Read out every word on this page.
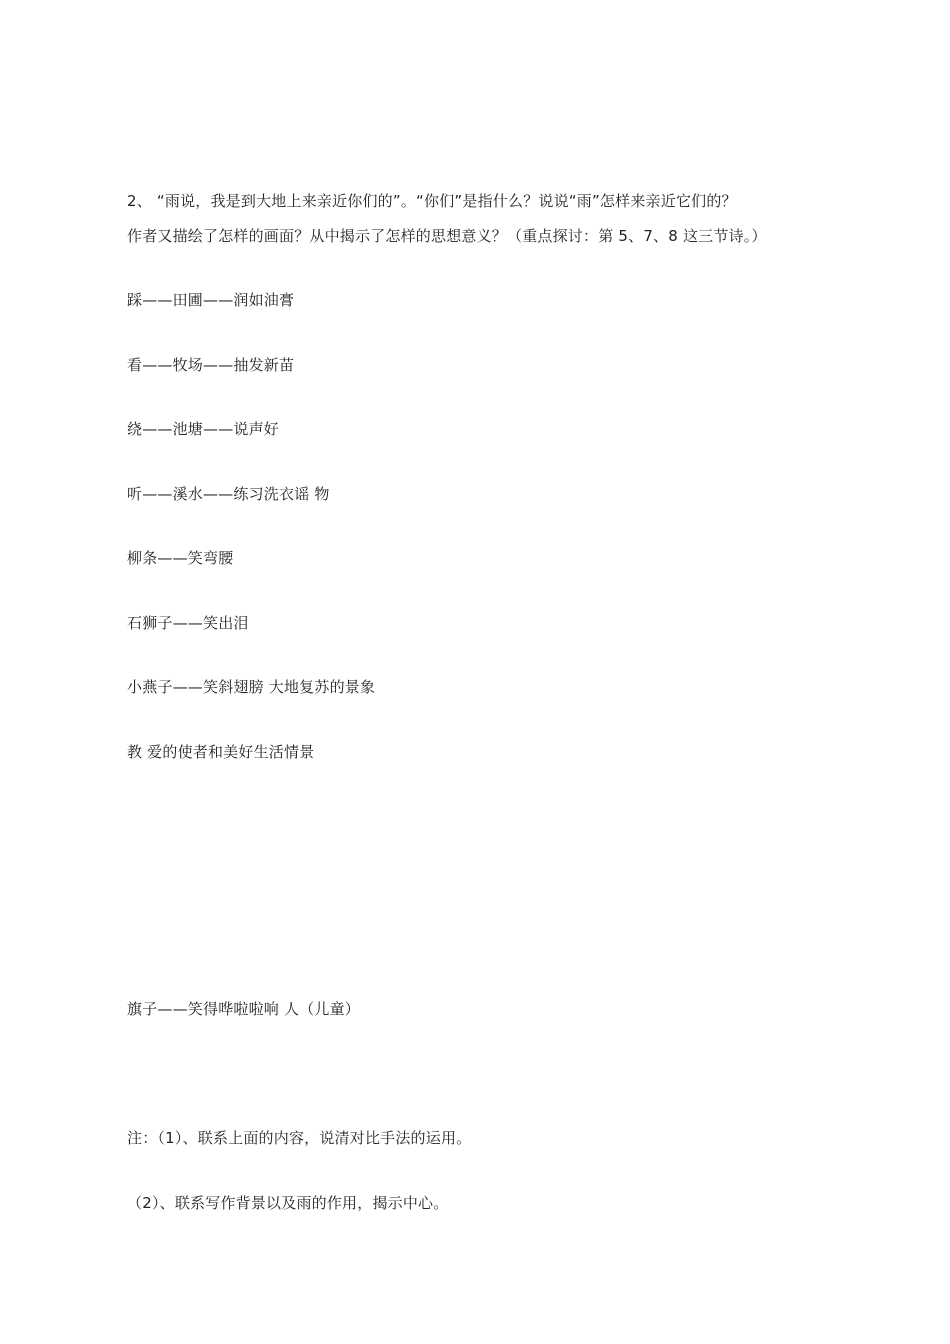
2、 “雨说，我是到大地上来亲近你们的”。“你们”是指什么？说说“雨”怎样来亲近它们的？
作者又描绘了怎样的画面？从中揭示了怎样的思想意义？（重点探讨：第 5、7、8 这三节诗。）
踩——田圃——润如油膏
看——牧场——抽发新苗
绕——池塘——说声好
听——溪水——练习洗衣谣 物
柳条——笑弯腰
石狮子——笑出泪
小燕子——笑斜翅膀 大地复苏的景象
教 爱的使者和美好生活情景
旗子——笑得哗啦啦响 人（儿童）
注：（1）、联系上面的内容，说清对比手法的运用。
（2）、联系写作背景以及雨的作用，揭示中心。
